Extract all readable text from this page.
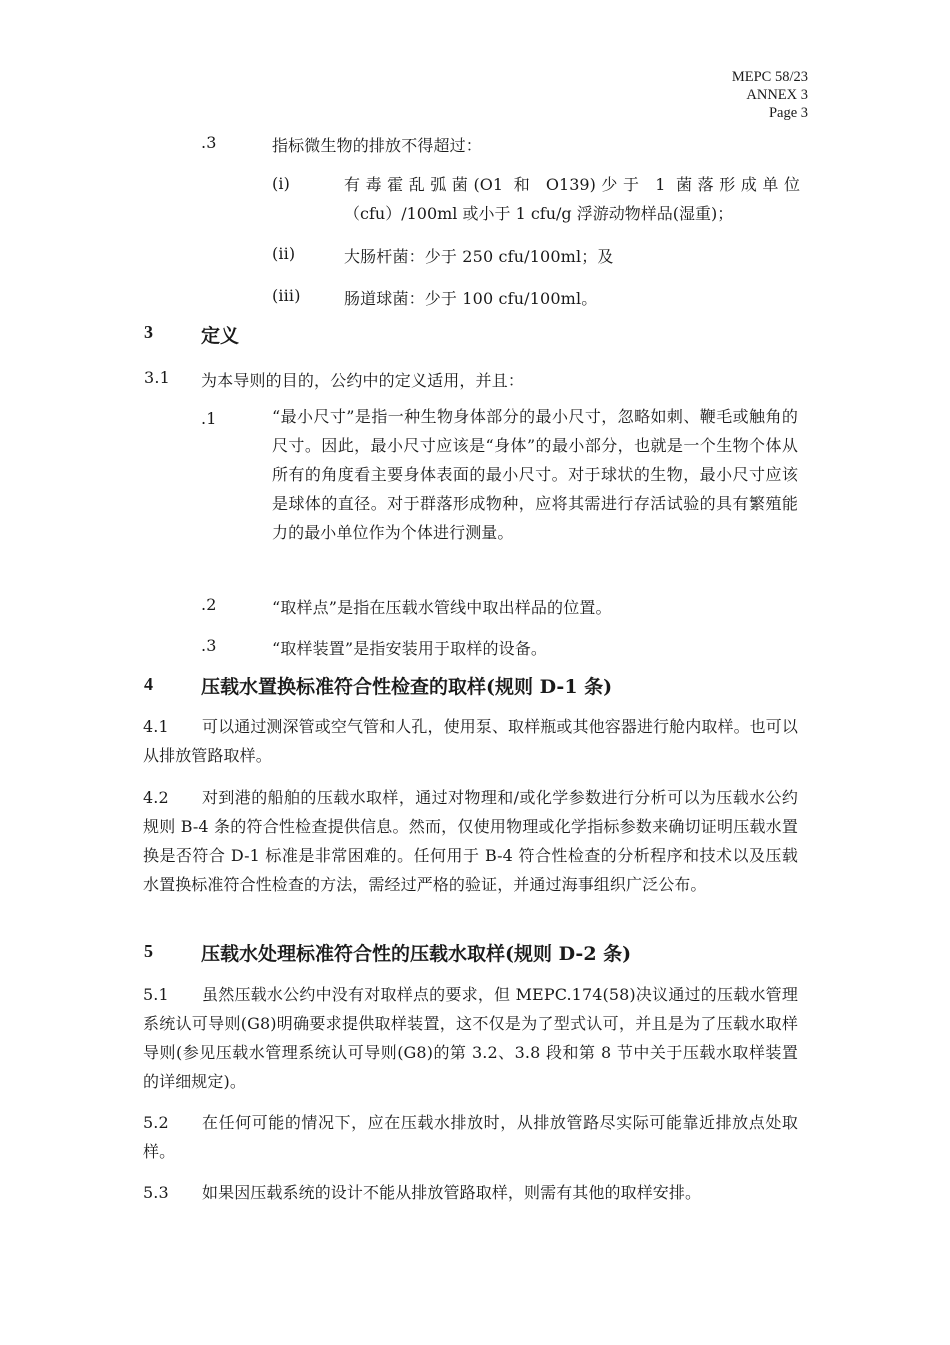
MEPC 58/23
ANNEX 3
Page 3
.3	指标微生物的排放不得超过：
(i)	有毒霍乱弧菌(O1 和 O139)少于 1 菌落形成单位（cfu）/100ml 或小于 1 cfu/g 浮游动物样品(湿重)；
(ii)	大肠杆菌：少于 250 cfu/100ml；及
(iii)	肠道球菌：少于 100 cfu/100ml。
3	定义
3.1 为本导则的目的，公约中的定义适用，并且：
.1	“最小尺寸”是指一种生物身体部分的最小尺寸，忽略如刺、鞭毛或触角的尺寸。因此，最小尺寸应该是“身体”的最小部分，也就是一个生物个体从所有的角度看主要身体表面的最小尺寸。对于球状的生物，最小尺寸应该是球体的直径。对于群落形成物种，应将其需进行存活试验的具有繁殖能力的最小单位作为个体进行测量。
.2	“取样点”是指在压载水管线中取出样品的位置。
.3	“取样装置”是指安装用于取样的设备。
4	压载水置换标准符合性检查的取样(规则 D-1 条)
4.1 可以通过测深管或空气管和人孔，使用泵、取样瓶或其他容器进行舱内取样。也可以从排放管路取样。
4.2 对到港的船舶的压载水取样，通过对物理和/或化学参数进行分析可以为压载水公约规则 B-4 条的符合性检查提供信息。然而，仅使用物理或化学指标参数来确切证明压载水置换是否符合 D-1 标准是非常困难的。任何用于 B-4 符合性检查的分析程序和技术以及压载水置换标准符合性检查的方法，需经过严格的验证，并通过海事组织广泛公布。
5	压载水处理标准符合性的压载水取样(规则 D-2 条)
5.1 虽然压载水公约中没有对取样点的要求，但 MEPC.174(58)决议通过的压载水管理系统认可导则(G8)明确要求提供取样装置，这不仅是为了型式认可，并且是为了压载水取样导则(参见压载水管理系统认可导则(G8)的第 3.2、3.8 段和第 8 节中关于压载水取样装置的详细规定)。
5.2 在任何可能的情况下，应在压载水排放时，从排放管路尽实际可能靠近排放点处取样。
5.3 如果因压载系统的设计不能从排放管路取样，则需有其他的取样安排。
